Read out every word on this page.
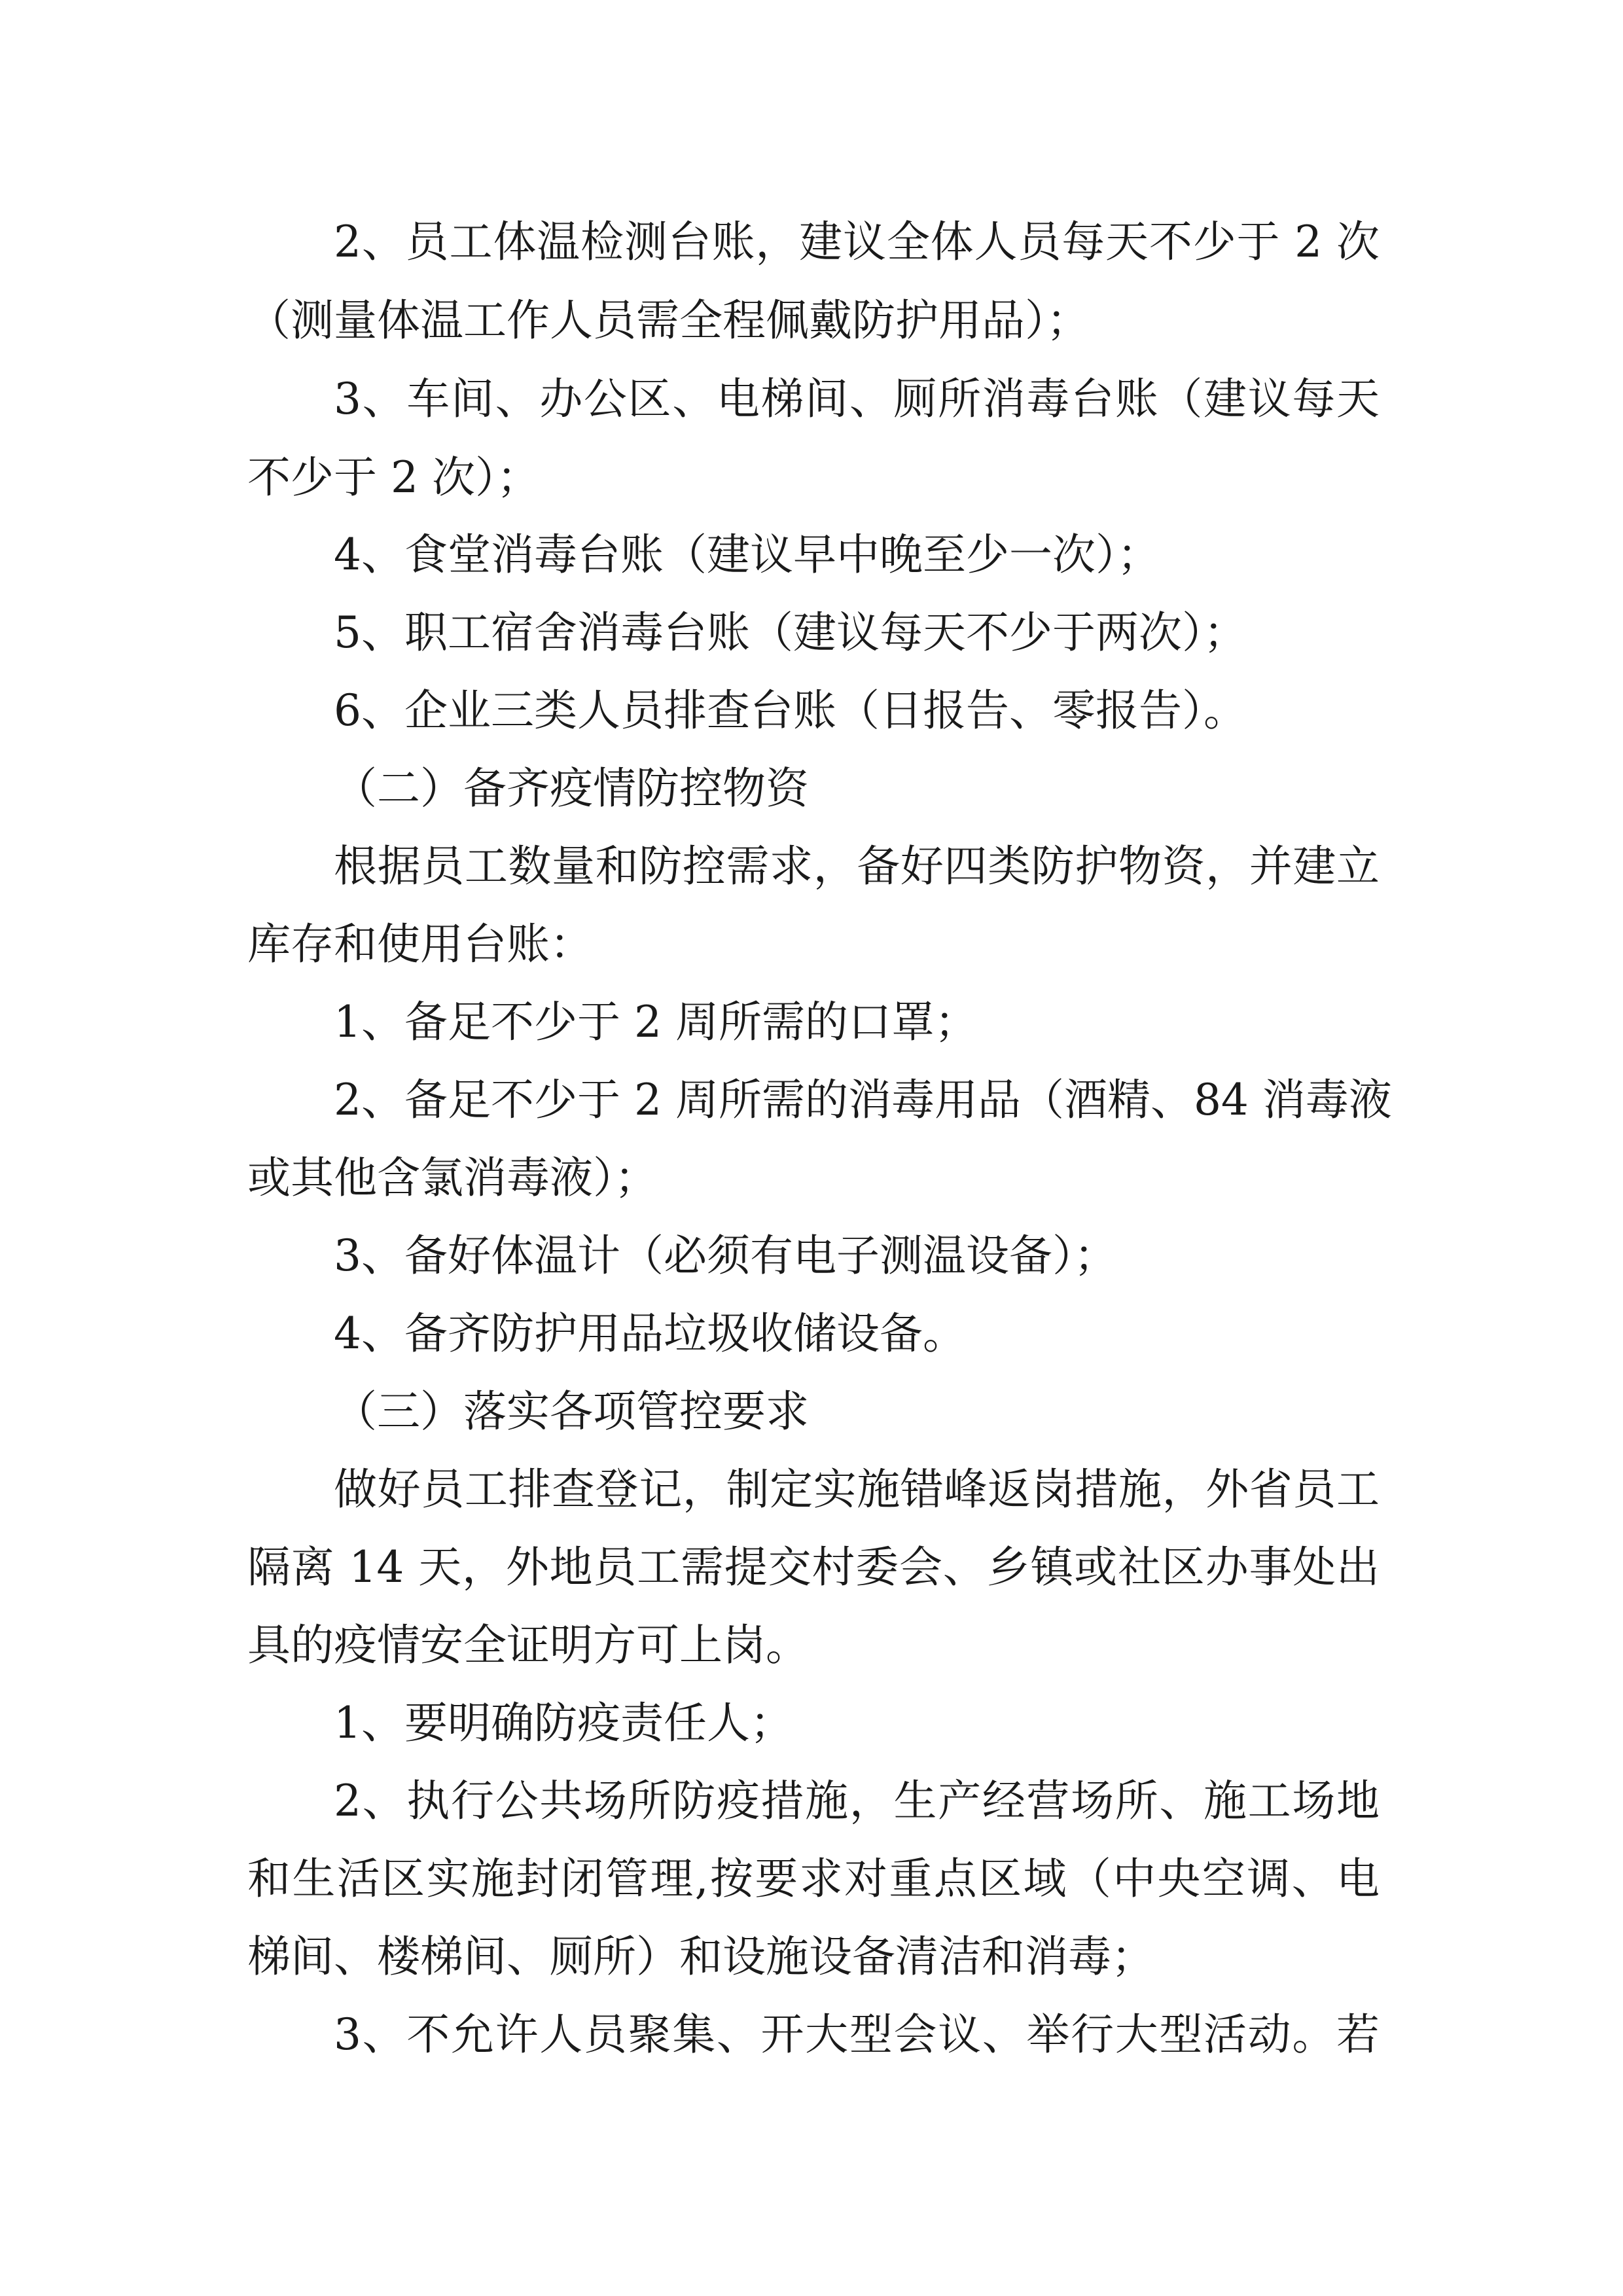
2、员工体温检测台账，建议全体人员每天不少于 2 次

（测量体温工作人员需全程佩戴防护用品）；

3、车间、办公区、电梯间、厕所消毒台账（建议每天

不少于 2 次）；

4、食堂消毒台账（建议早中晚至少一次）；

5、职工宿舍消毒台账（建议每天不少于两次）；

6、企业三类人员排查台账（日报告、零报告）。

（二）备齐疫情防控物资

根据员工数量和防控需求，备好四类防护物资，并建立

库存和使用台账：

1、备足不少于 2 周所需的口罩；

2、备足不少于 2 周所需的消毒用品（酒精、84 消毒液

或其他含氯消毒液）；

3、备好体温计（必须有电子测温设备）；

4、备齐防护用品垃圾收储设备。

（三）落实各项管控要求

做好员工排查登记，制定实施错峰返岗措施，外省员工

隔离 14 天，外地员工需提交村委会、乡镇或社区办事处出

具的疫情安全证明方可上岗。

1、要明确防疫责任人；

2、执行公共场所防疫措施，生产经营场所、施工场地

和生活区实施封闭管理,按要求对重点区域（中央空调、电

梯间、楼梯间、厕所）和设施设备清洁和消毒；

3、不允许人员聚集、开大型会议、举行大型活动。若
